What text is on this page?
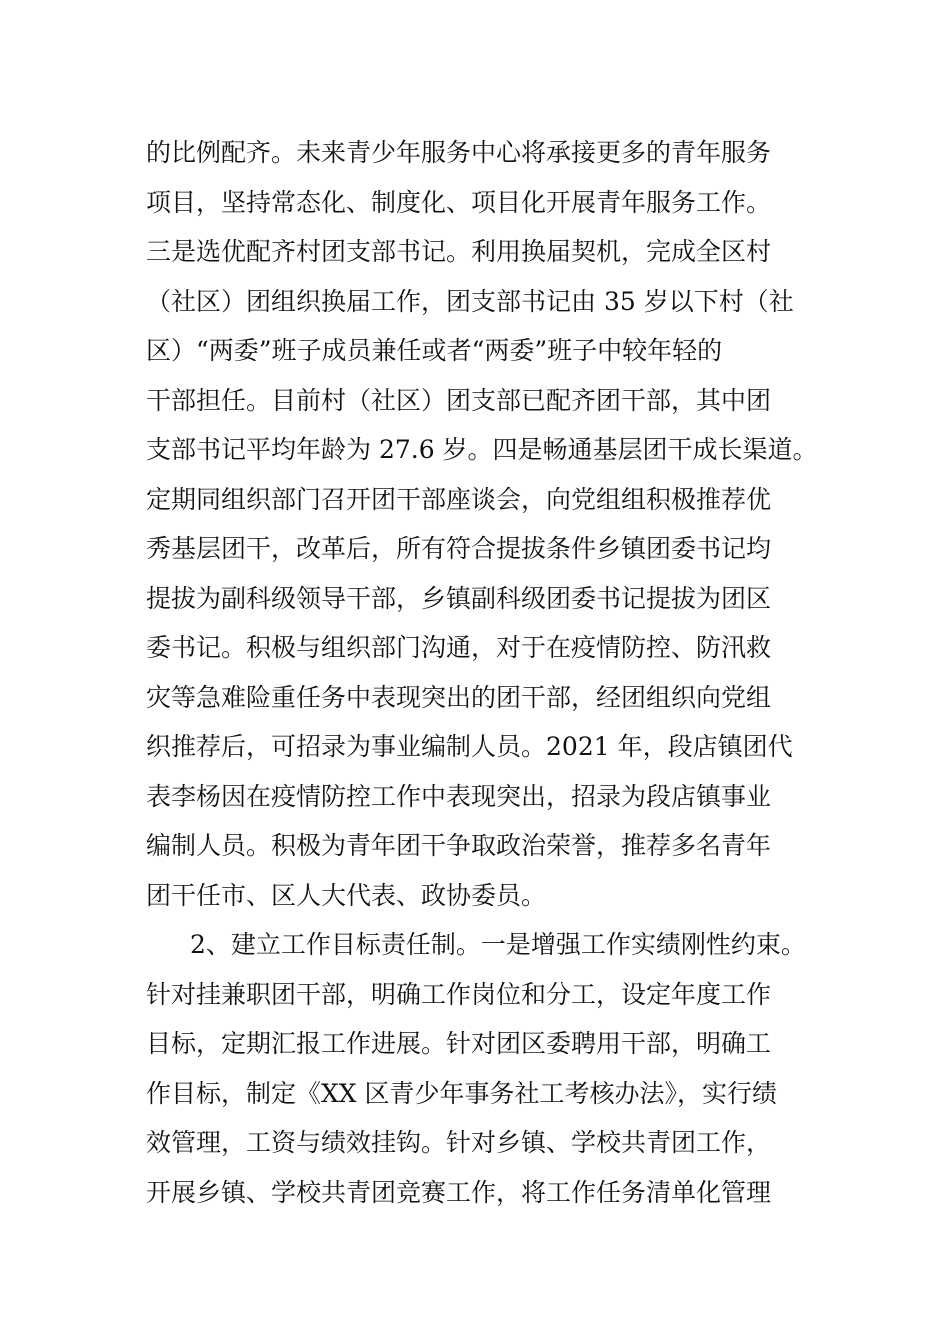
的比例配齐。未来青少年服务中心将承接更多的青年服务
项目，坚持常态化、制度化、项目化开展青年服务工作。
三是选优配齐村团支部书记。利用换届契机，完成全区村
（社区）团组织换届工作，团支部书记由 35 岁以下村（社
区）“两委”班子成员兼任或者“两委”班子中较年轻的
干部担任。目前村（社区）团支部已配齐团干部，其中团
支部书记平均年龄为 27.6 岁。四是畅通基层团干成长渠道。
定期同组织部门召开团干部座谈会，向党组组积极推荐优
秀基层团干，改革后，所有符合提拔条件乡镇团委书记均
提拔为副科级领导干部，乡镇副科级团委书记提拔为团区
委书记。积极与组织部门沟通，对于在疫情防控、防汛救
灾等急难险重任务中表现突出的团干部，经团组织向党组
织推荐后，可招录为事业编制人员。2021 年，段店镇团代
表李杨因在疫情防控工作中表现突出，招录为段店镇事业
编制人员。积极为青年团干争取政治荣誉，推荐多名青年
团干任市、区人大代表、政协委员。
2、建立工作目标责任制。一是增强工作实绩刚性约束。
针对挂兼职团干部，明确工作岗位和分工，设定年度工作
目标，定期汇报工作进展。针对团区委聘用干部，明确工
作目标，制定《XX 区青少年事务社工考核办法》，实行绩
效管理，工资与绩效挂钩。针对乡镇、学校共青团工作，
开展乡镇、学校共青团竞赛工作，将工作任务清单化管理
